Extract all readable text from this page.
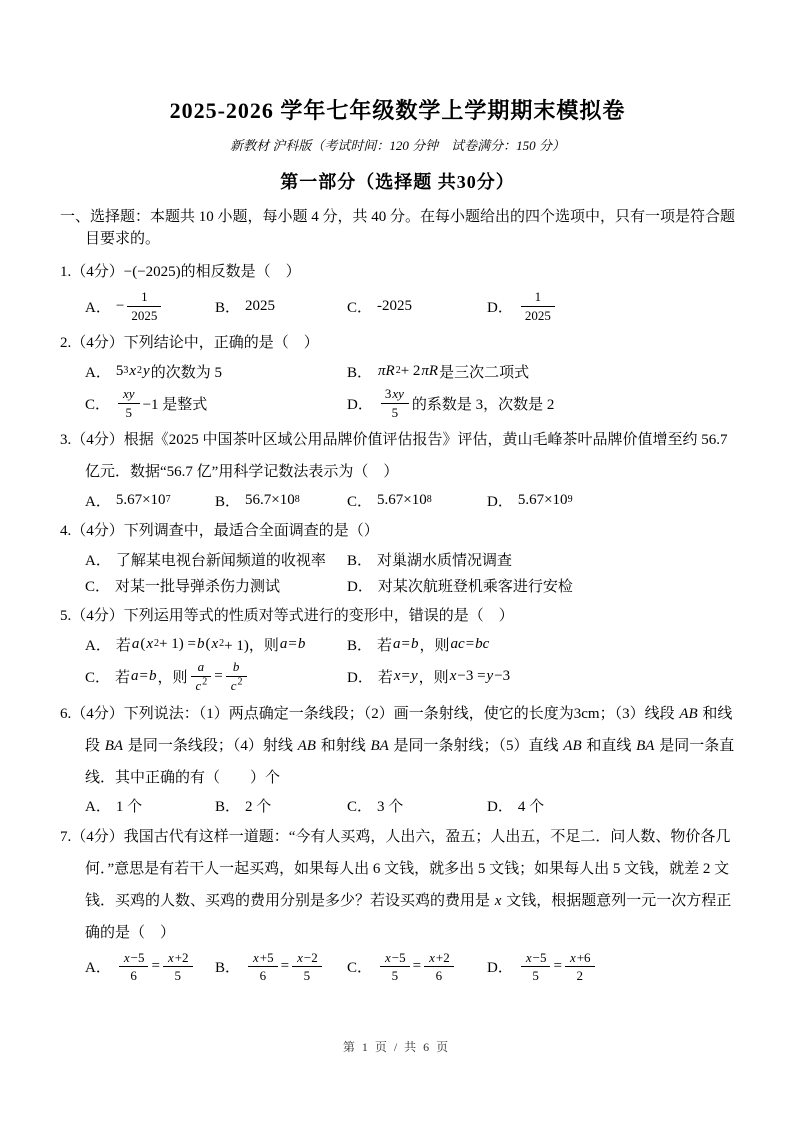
2025-2026 学年七年级数学上学期期末模拟卷

新教材 沪科版（考试时间：120 分钟　试卷满分：150 分）

第一部分（选择题 共30分）

一、选择题：本题共 10 小题，每小题 4 分，共 40 分。在每小题给出的四个选项中，只有一项是符合题目要求的。

1.（4分）−(−2025)的相反数是（　）

A． − $\frac{1}{2025}$	B． 2025	C． -2025	D． $\frac{1}{2025}$

2.（4分）下列结论中，正确的是（　）

A． 5 3 x 2 y 的次数为 5	B． πR 2 + 2 πR 是三次二项式
C． $\frac{xy}{5} -1$ 是整式	D． $\frac{3xy}{5}$ 的系数是 3，次数是 2

3.（4分）根据《2025 中国茶叶区域公用品牌价值评估报告》评估，黄山毛峰茶叶品牌价值增至约 56.7 亿元．数据“56.7 亿”用科学记数法表示为（　）

A． 5.67×10 7	B． 56.7×10 8	C． 5.67×10 8	D． 5.67×10 9

4.（4分）下列调查中，最适合全面调查的是（）

A． 了解某电视台新闻频道的收视率 B． 对巢湖水质情况调查
C． 对某一批导弹杀伤力测试	D． 对某次航班登机乘客进行安检

5.（4分）下列运用等式的性质对等式进行的变形中，错误的是（　）

A． 若 a ( x 2 + 1) = b ( x 2 + 1)，则 a = b	B． 若 a = b ，则 ac = bc
C． 若 a = b ，则 $\frac{a}{c^2} = \frac{b}{c^2}$	D． 若 x = y ，则 x −3 = y −3

6.（4分）下列说法：（1）两点确定一条线段；（2）画一条射线，使它的长度为3cm；（3）线段 AB 和线段 BA 是同一条线段；（4）射线 AB 和射线 BA 是同一条射线；（5）直线 AB 和直线 BA 是同一条直线．其中正确的有（　　）个

A． 1 个	B． 2 个	C． 3 个	D． 4 个

7.（4分）我国古代有这样一道题：“今有人买鸡，人出六，盈五；人出五，不足二．问人数、物价各几何．”意思是有若干人一起买鸡，如果每人出 6 文钱，就多出 5 文钱；如果每人出 5 文钱，就差 2 文钱．买鸡的人数、买鸡的费用分别是多少？若设买鸡的费用是 x 文钱，根据题意列一元一次方程正确的是（　）

A． $\frac{x-5}{6} = \frac{x+2}{5}$ B． $\frac{x+5}{6} = \frac{x-2}{5}$ C． $\frac{x-5}{5} = \frac{x+2}{6}$ D． $\frac{x-5}{5} = \frac{x+6}{2}$
第 1 页 / 共 6 页
